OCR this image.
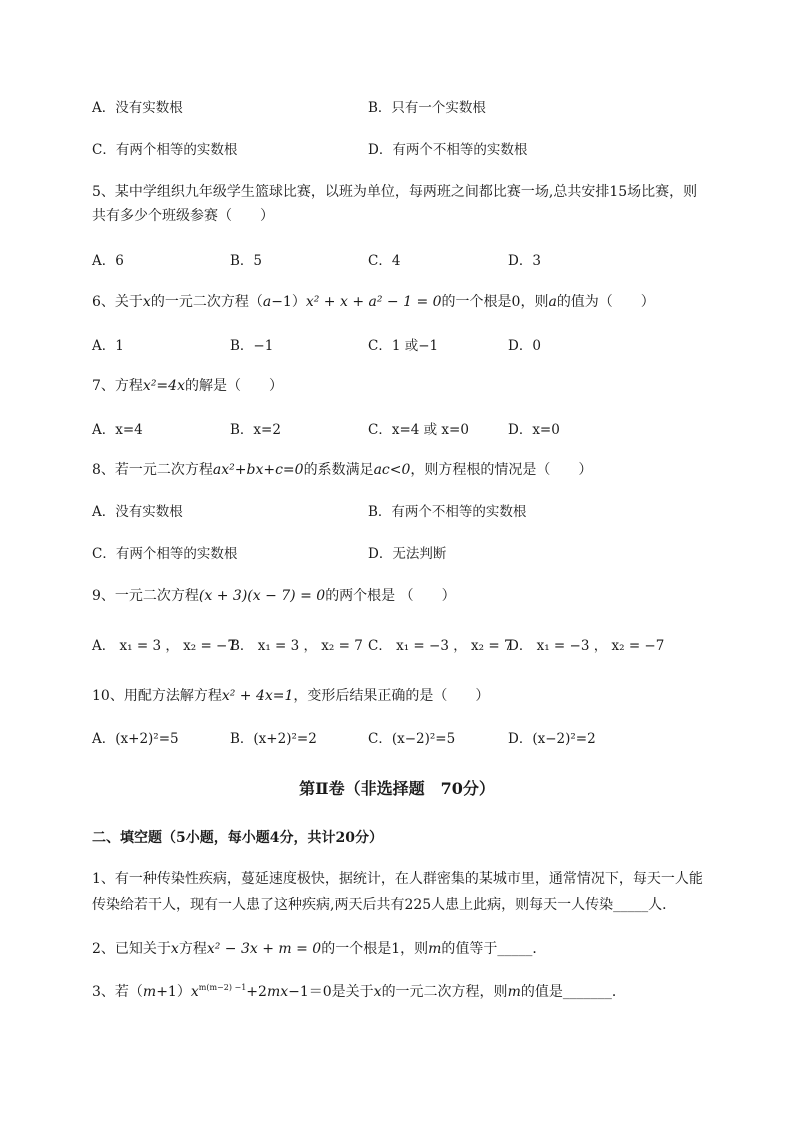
A．没有实数根	B．只有一个实数根
C．有两个相等的实数根	D．有两个不相等的实数根
5、某中学组织九年级学生篮球比赛，以班为单位，每两班之间都比赛一场,总共安排15场比赛，则
共有多少个班级参赛（　　）
A．6	B．5	C．4	D．3
6、关于x的一元二次方程（a−1）x² + x + a² − 1 = 0的一个根是0，则a的值为（　　）
A．1	B．−1	C．1 或−1	D．0
7、方程x²=4x的解是（　　）
A．x=4	B．x=2	C．x=4 或 x=0	D．x=0
8、若一元二次方程ax²+bx+c=0的系数满足ac<0，则方程根的情况是（　　）
A．没有实数根	B．有两个不相等的实数根
C．有两个相等的实数根	D．无法判断
9、一元二次方程(x + 3)(x − 7) = 0的两个根是 （　　）
A． x₁ = 3 ， x₂ = −7
B． x₁ = 3 ， x₂ = 7 C． x₁ = −3 ， x₂ = 7
D． x₁ = −3 ， x₂ = −7
10、用配方法解方程x² + 4x=1，变形后结果正确的是（　　）
A．(x+2)²=5	B．(x+2)²=2	C．(x−2)²=5	D．(x−2)²=2
第Ⅱ卷（非选择题　70分）
二、填空题（5小题，每小题4分，共计20分）
1、有一种传染性疾病，蔓延速度极快，据统计，在人群密集的某城市里，通常情况下，每天一人能
传染给若干人，现有一人患了这种疾病,两天后共有225人患上此病，则每天一人传染_____人．
2、已知关于x方程x² − 3x + m = 0的一个根是1，则m的值等于_____．
3、若$(m+1)x^{m(m-2) -1}+2mx-1=0$是关于x的一元二次方程，则m的值是_______．
